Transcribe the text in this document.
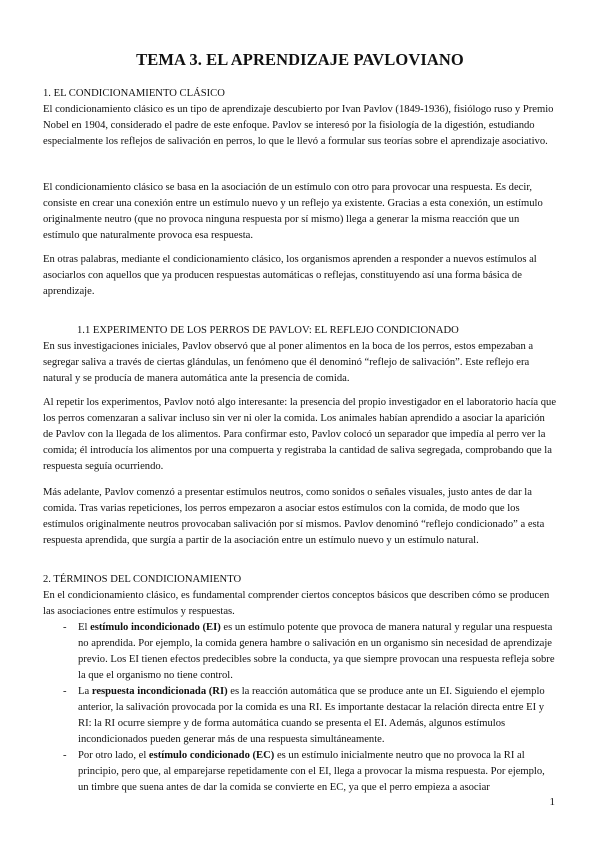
TEMA 3. EL APRENDIZAJE PAVLOVIANO

1. EL CONDICIONAMIENTO CLÁSICO

El condicionamiento clásico es un tipo de aprendizaje descubierto por Ivan Pavlov (1849-1936), fisiólogo ruso y Premio Nobel en 1904, considerado el padre de este enfoque. Pavlov se interesó por la fisiología de la digestión, estudiando especialmente los reflejos de salivación en perros, lo que le llevó a formular sus teorías sobre el aprendizaje asociativo.

El condicionamiento clásico se basa en la asociación de un estímulo con otro para provocar una respuesta. Es decir, consiste en crear una conexión entre un estímulo nuevo y un reflejo ya existente. Gracias a esta conexión, un estímulo originalmente neutro (que no provoca ninguna respuesta por sí mismo) llega a generar la misma reacción que un estímulo que naturalmente provoca esa respuesta.

En otras palabras, mediante el condicionamiento clásico, los organismos aprenden a responder a nuevos estímulos al asociarlos con aquellos que ya producen respuestas automáticas o reflejas, constituyendo así una forma básica de aprendizaje.

1.1 EXPERIMENTO DE LOS PERROS DE PAVLOV: EL REFLEJO CONDICIONADO

En sus investigaciones iniciales, Pavlov observó que al poner alimentos en la boca de los perros, estos empezaban a segregar saliva a través de ciertas glándulas, un fenómeno que él denominó “reflejo de salivación”. Este reflejo era natural y se producía de manera automática ante la presencia de comida.

Al repetir los experimentos, Pavlov notó algo interesante: la presencia del propio investigador en el laboratorio hacía que los perros comenzaran a salivar incluso sin ver ni oler la comida. Los animales habían aprendido a asociar la aparición de Pavlov con la llegada de los alimentos. Para confirmar esto, Pavlov colocó un separador que impedía al perro ver la comida; él introducía los alimentos por una compuerta y registraba la cantidad de saliva segregada, comprobando que la respuesta seguía ocurriendo.

Más adelante, Pavlov comenzó a presentar estímulos neutros, como sonidos o señales visuales, justo antes de dar la comida. Tras varias repeticiones, los perros empezaron a asociar estos estímulos con la comida, de modo que los estímulos originalmente neutros provocaban salivación por sí mismos. Pavlov denominó “reflejo condicionado” a esta respuesta aprendida, que surgía a partir de la asociación entre un estímulo nuevo y un estímulo natural.

2. TÉRMINOS DEL CONDICIONAMIENTO

En el condicionamiento clásico, es fundamental comprender ciertos conceptos básicos que describen cómo se producen las asociaciones entre estímulos y respuestas.

- El estímulo incondicionado (EI) es un estímulo potente que provoca de manera natural y regular una respuesta no aprendida. Por ejemplo, la comida genera hambre o salivación en un organismo sin necesidad de aprendizaje previo. Los EI tienen efectos predecibles sobre la conducta, ya que siempre provocan una respuesta refleja sobre la que el organismo no tiene control.
- La respuesta incondicionada (RI) es la reacción automática que se produce ante un EI. Siguiendo el ejemplo anterior, la salivación provocada por la comida es una RI. Es importante destacar la relación directa entre EI y RI: la RI ocurre siempre y de forma automática cuando se presenta el EI. Además, algunos estímulos incondicionados pueden generar más de una respuesta simultáneamente.
- Por otro lado, el estímulo condicionado (EC) es un estímulo inicialmente neutro que no provoca la RI al principio, pero que, al emparejarse repetidamente con el EI, llega a provocar la misma respuesta. Por ejemplo, un timbre que suena antes de dar la comida se convierte en EC, ya que el perro empieza a asociar
1
